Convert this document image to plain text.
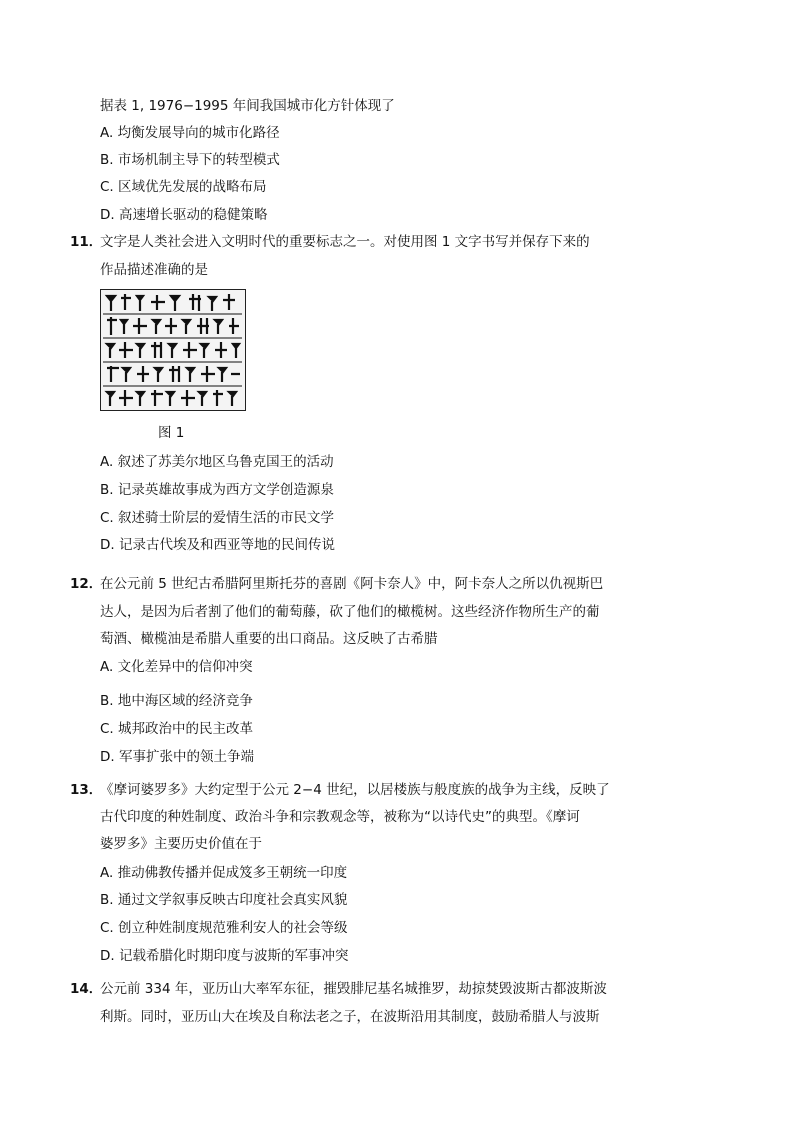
据表 1, 1976−1995 年间我国城市化方针体现了
A. 均衡发展导向的城市化路径
B. 市场机制主导下的转型模式
C. 区域优先发展的战略布局
D. 高速增长驱动的稳健策略
11．
文字是人类社会进入文明时代的重要标志之一。对使用图 1 文字书写并保存下来的
作品描述准确的是
图 1
A. 叙述了苏美尔地区乌鲁克国王的活动
B. 记录英雄故事成为西方文学创造源泉
C. 叙述骑士阶层的爱情生活的市民文学
D. 记录古代埃及和西亚等地的民间传说
12．
在公元前 5 世纪古希腊阿里斯托芬的喜剧《阿卡奈人》中，阿卡奈人之所以仇视斯巴
达人，是因为后者割了他们的葡萄藤，砍了他们的橄榄树。这些经济作物所生产的葡
萄酒、橄榄油是希腊人重要的出口商品。这反映了古希腊
A. 文化差异中的信仰冲突
B. 地中海区域的经济竞争
C. 城邦政治中的民主改革
D. 军事扩张中的领土争端
13．
《摩诃婆罗多》大约定型于公元 2−4 世纪，以居楼族与般度族的战争为主线，反映了
古代印度的种姓制度、政治斗争和宗教观念等，被称为“以诗代史”的典型。《摩诃
婆罗多》主要历史价值在于
A. 推动佛教传播并促成笈多王朝统一印度
B. 通过文学叙事反映古印度社会真实风貌
C. 创立种姓制度规范雅利安人的社会等级
D. 记载希腊化时期印度与波斯的军事冲突
14．
公元前 334 年，亚历山大率军东征，摧毁腓尼基名城推罗，劫掠焚毁波斯古都波斯波
利斯。同时，亚历山大在埃及自称法老之子，在波斯沿用其制度，鼓励希腊人与波斯
